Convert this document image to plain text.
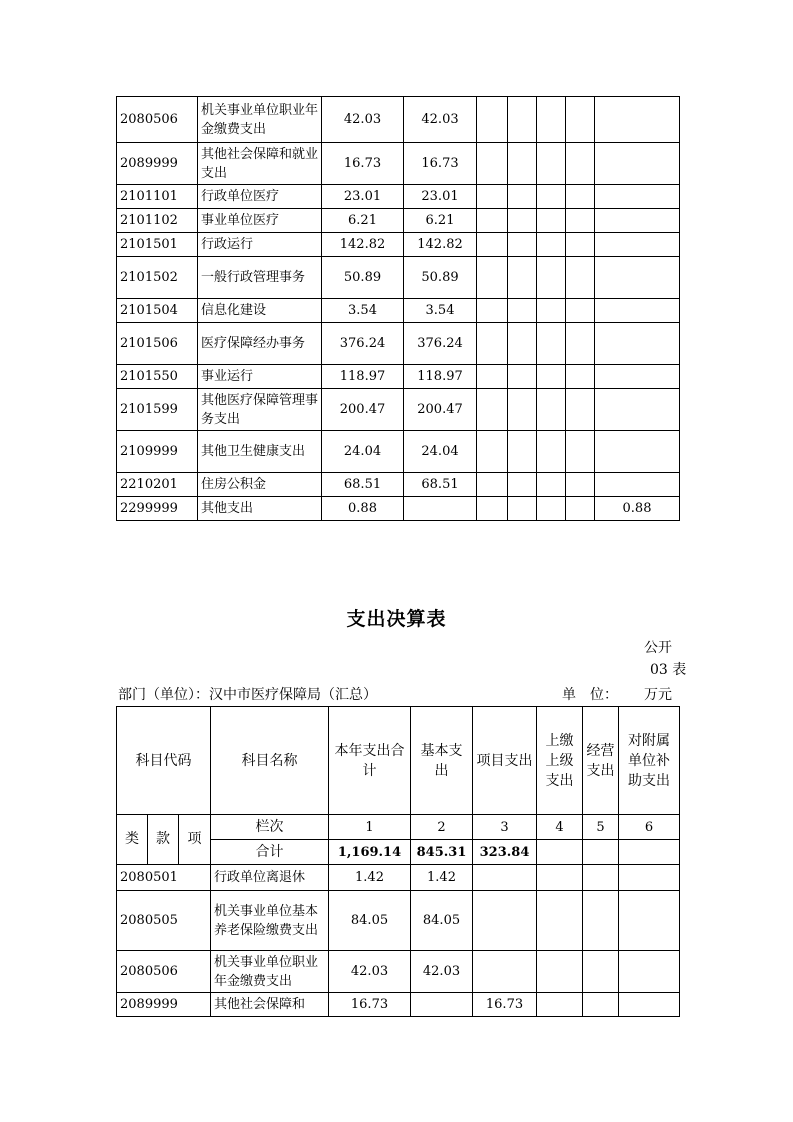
2080506	机关事业单位职业年金缴费支出	42.03	42.03					
2089999	其他社会保障和就业支出	16.73	16.73					
2101101	行政单位医疗	23.01	23.01					
2101102	事业单位医疗	6.21	6.21					
2101501	行政运行	142.82	142.82					
2101502	一般行政管理事务	50.89	50.89					
2101504	信息化建设	3.54	3.54					
2101506	医疗保障经办事务	376.24	376.24					
2101550	事业运行	118.97	118.97					
2101599	其他医疗保障管理事务支出	200.47	200.47					
2109999	其他卫生健康支出	24.04	24.04					
2210201	住房公积金	68.51	68.51					
2299999	其他支出	0.88						0.88
支出决算表
公开
03 表
部门（单位）：汉中市医疗保障局（汇总）	单　位： 万元
科目代码			科目名称	本年支出合计	基本支出	项目支出	上缴上级支出	经营支出	对附属单位补助支出
类	款	项							
			栏次	1	2	3	4	5	6
			合计	1,169.14	845.31	323.84			
2080501			行政单位离退休	1.42	1.42				
2080505			机关事业单位基本养老保险缴费支出	84.05	84.05				
2080506			机关事业单位职业年金缴费支出	42.03	42.03				
2089999			其他社会保障和	16.73		16.73			
